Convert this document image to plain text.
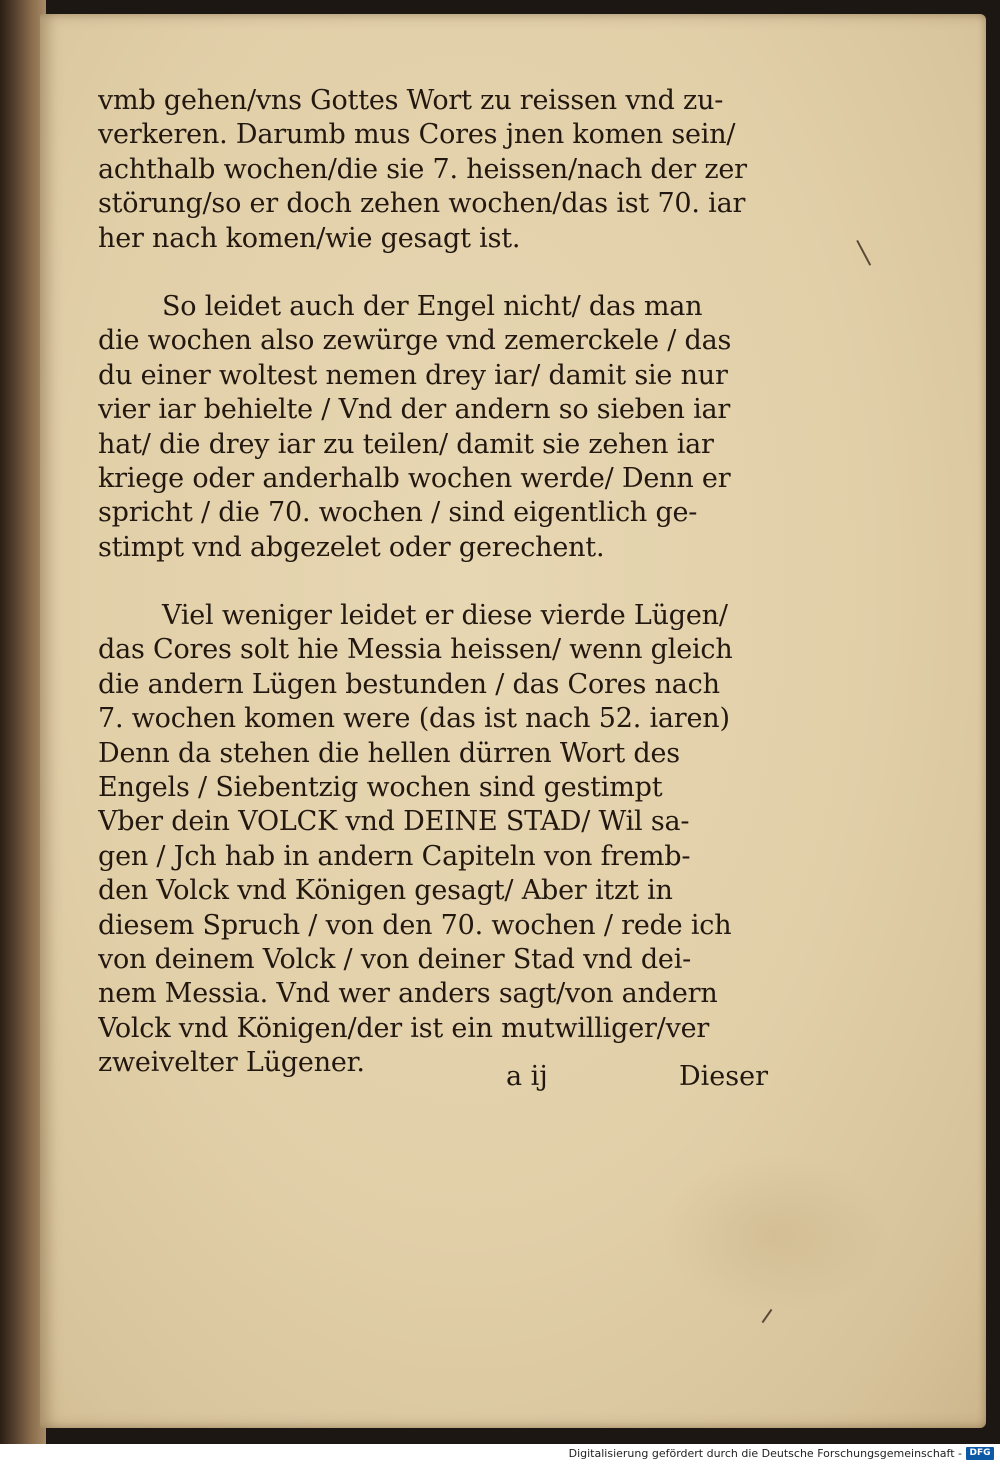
vmb gehen/vns Gottes Wort zu reissen vnd zu-
verkeren. Darumb mus Cores jnen komen sein/
achthalb wochen/die sie 7. heissen/nach der zer
störung/so er doch zehen wochen/das ist 70. iar
her nach komen/wie gesagt ist.

So leidet auch der Engel nicht/ das man
die wochen also zewürge vnd zemerckele / das
du einer woltest nemen drey iar/ damit sie nur
vier iar behielte / Vnd der andern so sieben iar
hat/ die drey iar zu teilen/ damit sie zehen iar
kriege oder anderhalb wochen werde/ Denn er
spricht / die 70. wochen / sind eigentlich ge-
stimpt vnd abgezelet oder gerechent.

Viel weniger leidet er diese vierde Lügen/
das Cores solt hie Messia heissen/ wenn gleich
die andern Lügen bestunden / das Cores nach
7. wochen komen were (das ist nach 52. iaren)
Denn da stehen die hellen dürren Wort des
Engels / Siebentzig wochen sind gestimpt
Vber dein VOLCK vnd DEINE STAD/ Wil sa-
gen / Jch hab in andern Capiteln von fremb-
den Volck vnd Königen gesagt/ Aber itzt in
diesem Spruch / von den 70. wochen / rede ich
von deinem Volck / von deiner Stad vnd dei-
nem Messia. Vnd wer anders sagt/von andern
Volck vnd Königen/der ist ein mutwilliger/ver
zweivelter Lügener.	a ij	Dieser
Digitalisierung gefördert durch die Deutsche Forschungsgemeinschaft - DFG
